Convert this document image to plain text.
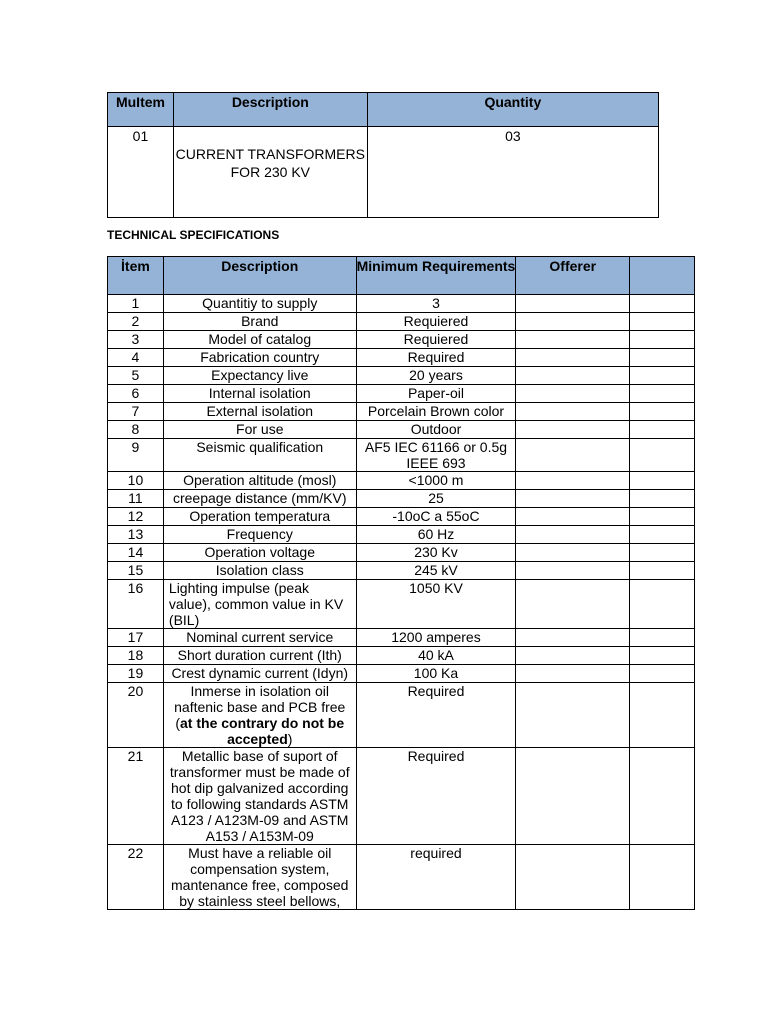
MuItem	Description	Quantity
01	CURRENT TRANSFORMERS FOR 230 KV	03
TECHNICAL SPECIFICATIONS
İtem	Description	Minimum Requirements	Offerer	
1	Quantitiy to supply	3		
2	Brand	Requiered		
3	Model of catalog	Requiered		
4	Fabrication country	Required		
5	Expectancy live	20 years		
6	Internal isolation	Paper-oil		
7	External isolation	Porcelain Brown color		
8	For use	Outdoor		
9	Seismic qualification	AF5 IEC 61166 or 0.5g IEEE 693		
10	Operation altitude (mosl)	<1000 m		
11	creepage distance (mm/KV)	25		
12	Operation temperatura	-10oC a 55oC		
13	Frequency	60 Hz		
14	Operation voltage	230 Kv		
15	Isolation class	245 kV		
16	Lighting impulse (peak value), common value in KV (BIL)	1050 KV		
17	Nominal current service	1200 amperes		
18	Short duration current (Ith)	40 kA		
19	Crest dynamic current (Idyn)	100 Ka		
20	Inmerse in isolation oil naftenic base and PCB free (at the contrary do not be accepted)	Required		
21	Metallic base of suport of transformer must be made of hot dip galvanized according to following standards ASTM A123 / A123M-09 and ASTM A153 / A153M-09	Required		
22	Must have a reliable oil compensation system, mantenance free, composed by stainless steel bellows,	required		
